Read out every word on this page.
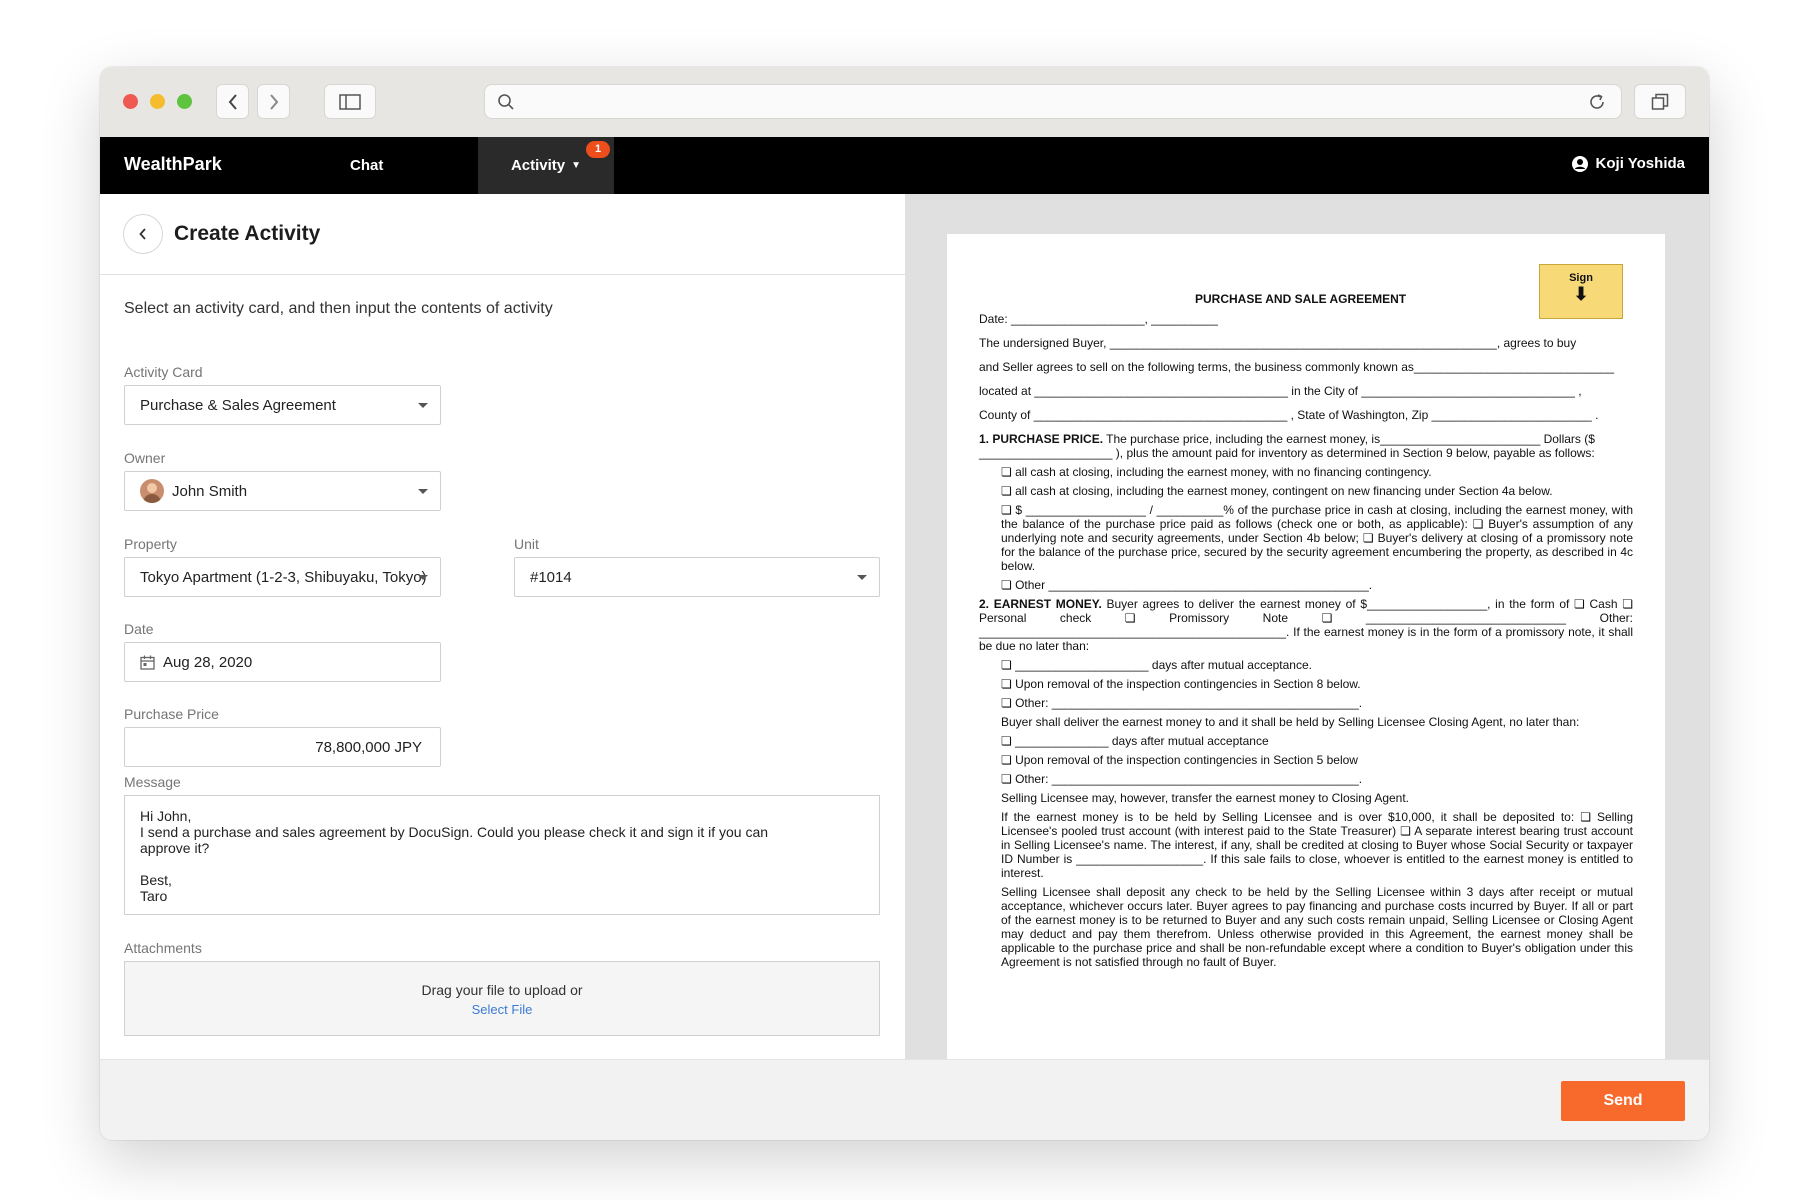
WealthPark	Chat	Activity ▼
1
Koji Yoshida
Create Activity
Select an activity card, and then input the contents of activity
Activity Card
Purchase & Sales Agreement
Owner
John Smith
Property
Tokyo Apartment (1-2-3, Shibuyaku, Tokyo)
Unit
#1014
Date
Aug 28, 2020
Purchase Price
78,800,000 JPY
Message

Hi John,

I send a purchase and sales agreement by DocuSign. Could you please check it and sign it if you can

approve it?

Best,

Taro

Attachments
Drag your file to upload or
Select File
Sign
⬇
PURCHASE AND SALE AGREEMENT

Date: ____________________, __________

The undersigned Buyer, __________________________________________________________, agrees to buy

and Seller agrees to sell on the following terms, the business commonly known as______________________________

located at ______________________________________ in the City of ________________________________ ,

County of ______________________________________ , State of Washington, Zip ________________________ .

1. PURCHASE PRICE. The purchase price, including the earnest money, is________________________ Dollars ($ ____________________ ), plus the amount paid for inventory as determined in Section 9 below, payable as follows:
❏ all cash at closing, including the earnest money, with no financing contingency.
❏ all cash at closing, including the earnest money, contingent on new financing under Section 4a below.
❏ $ __________________ / __________% of the purchase price in cash at closing, including the earnest money, with the balance of the purchase price paid as follows (check one or both, as applicable): ❏ Buyer's assumption of any underlying note and security agreements, under Section 4b below; ❏ Buyer's delivery at closing of a promissory note for the balance of the purchase price, secured by the security agreement encumbering the property, as described in 4c below.
❏ Other ________________________________________________.
2. EARNEST MONEY. Buyer agrees to deliver the earnest money of $__________________, in the form of ❏ Cash ❏ Personal check ❏ Promissory Note ❏ ______________________________ Other: ______________________________________________. If the earnest money is in the form of a promissory note, it shall be due no later than:
❏ ____________________ days after mutual acceptance.
❏ Upon removal of the inspection contingencies in Section 8 below.
❏ Other: ______________________________________________.
Buyer shall deliver the earnest money to and it shall be held by Selling Licensee Closing Agent, no later than:
❏ ______________ days after mutual acceptance
❏ Upon removal of the inspection contingencies in Section 5 below
❏ Other: ______________________________________________.
Selling Licensee may, however, transfer the earnest money to Closing Agent.
If the earnest money is to be held by Selling Licensee and is over $10,000, it shall be deposited to: ❏ Selling Licensee's pooled trust account (with interest paid to the State Treasurer) ❏ A separate interest bearing trust account in Selling Licensee's name. The interest, if any, shall be credited at closing to Buyer whose Social Security or taxpayer ID Number is ___________________. If this sale fails to close, whoever is entitled to the earnest money is entitled to interest.
Selling Licensee shall deposit any check to be held by the Selling Licensee within 3 days after receipt or mutual acceptance, whichever occurs later. Buyer agrees to pay financing and purchase costs incurred by Buyer. If all or part of the earnest money is to be returned to Buyer and any such costs remain unpaid, Selling Licensee or Closing Agent may deduct and pay them therefrom. Unless otherwise provided in this Agreement, the earnest money shall be applicable to the purchase price and shall be non-refundable except where a condition to Buyer's obligation under this Agreement is not satisfied through no fault of Buyer.
Send
